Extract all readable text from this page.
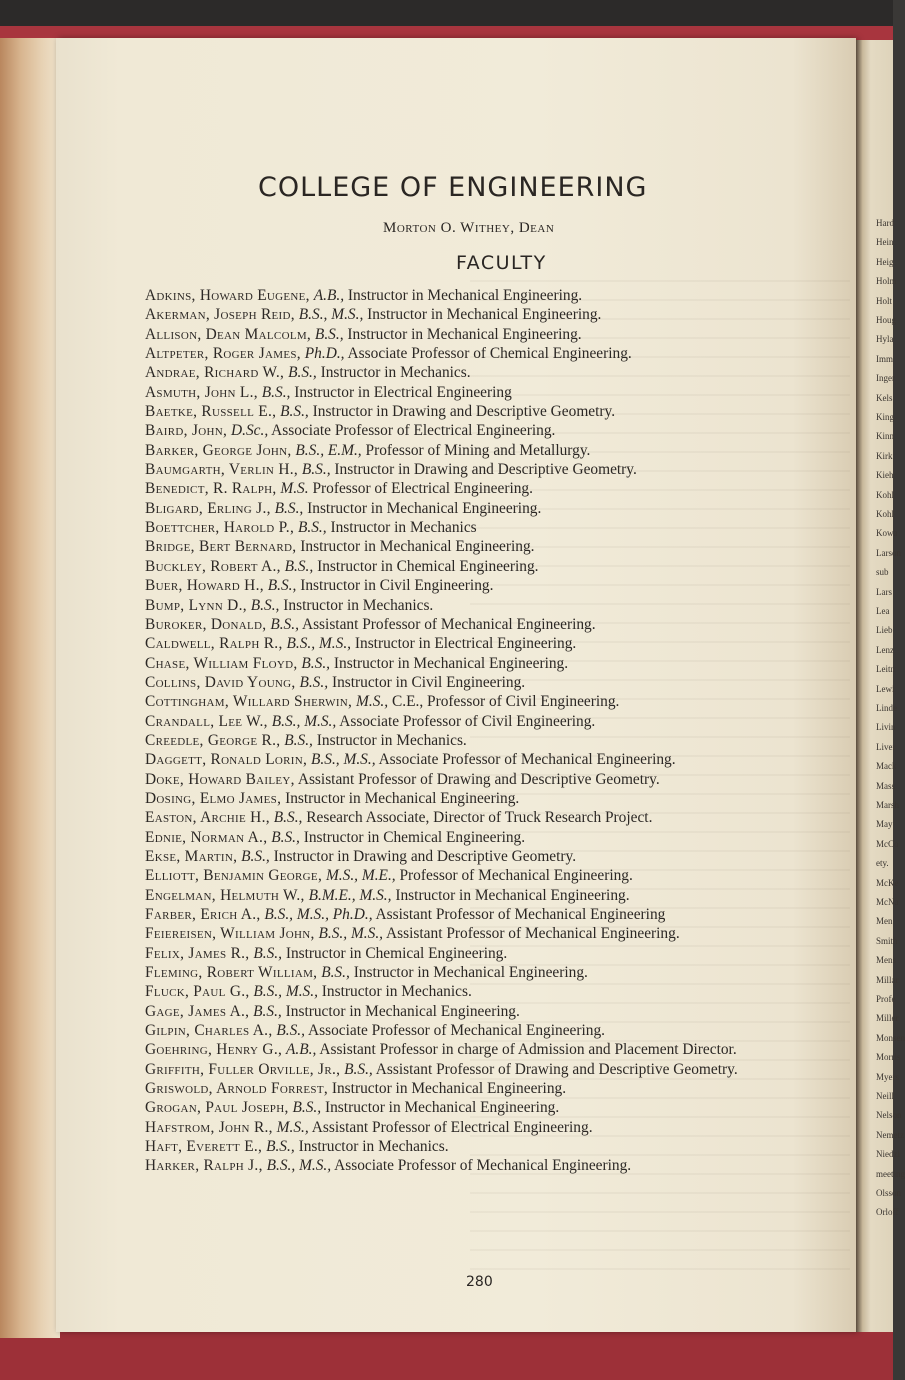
COLLEGE OF ENGINEERING
Morton O. Withey, Dean
FACULTY
Adkins, Howard Eugene, A.B., Instructor in Mechanical Engineering.
Akerman, Joseph Reid, B.S., M.S., Instructor in Mechanical Engineering.
Allison, Dean Malcolm, B.S., Instructor in Mechanical Engineering.
Altpeter, Roger James, Ph.D., Associate Professor of Chemical Engineering.
Andrae, Richard W., B.S., Instructor in Mechanics.
Asmuth, John L., B.S., Instructor in Electrical Engineering
Baetke, Russell E., B.S., Instructor in Drawing and Descriptive Geometry.
Baird, John, D.Sc., Associate Professor of Electrical Engineering.
Barker, George John, B.S., E.M., Professor of Mining and Metallurgy.
Baumgarth, Verlin H., B.S., Instructor in Drawing and Descriptive Geometry.
Benedict, R. Ralph, M.S. Professor of Electrical Engineering.
Bligard, Erling J., B.S., Instructor in Mechanical Engineering.
Boettcher, Harold P., B.S., Instructor in Mechanics
Bridge, Bert Bernard, Instructor in Mechanical Engineering.
Buckley, Robert A., B.S., Instructor in Chemical Engineering.
Buer, Howard H., B.S., Instructor in Civil Engineering.
Bump, Lynn D., B.S., Instructor in Mechanics.
Buroker, Donald, B.S., Assistant Professor of Mechanical Engineering.
Caldwell, Ralph R., B.S., M.S., Instructor in Electrical Engineering.
Chase, William Floyd, B.S., Instructor in Mechanical Engineering.
Collins, David Young, B.S., Instructor in Civil Engineering.
Cottingham, Willard Sherwin, M.S., C.E., Professor of Civil Engineering.
Crandall, Lee W., B.S., M.S., Associate Professor of Civil Engineering.
Creedle, George R., B.S., Instructor in Mechanics.
Daggett, Ronald Lorin, B.S., M.S., Associate Professor of Mechanical Engineering.
Doke, Howard Bailey, Assistant Professor of Drawing and Descriptive Geometry.
Dosing, Elmo James, Instructor in Mechanical Engineering.
Easton, Archie H., B.S., Research Associate, Director of Truck Research Project.
Ednie, Norman A., B.S., Instructor in Chemical Engineering.
Ekse, Martin, B.S., Instructor in Drawing and Descriptive Geometry.
Elliott, Benjamin George, M.S., M.E., Professor of Mechanical Engineering.
Engelman, Helmuth W., B.M.E., M.S., Instructor in Mechanical Engineering.
Farber, Erich A., B.S., M.S., Ph.D., Assistant Professor of Mechanical Engineering
Feiereisen, William John, B.S., M.S., Assistant Professor of Mechanical Engineering.
Felix, James R., B.S., Instructor in Chemical Engineering.
Fleming, Robert William, B.S., Instructor in Mechanical Engineering.
Fluck, Paul G., B.S., M.S., Instructor in Mechanics.
Gage, James A., B.S., Instructor in Mechanical Engineering.
Gilpin, Charles A., B.S., Associate Professor of Mechanical Engineering.
Goehring, Henry G., A.B., Assistant Professor in charge of Admission and Placement Director.
Griffith, Fuller Orville, Jr., B.S., Assistant Professor of Drawing and Descriptive Geometry.
Griswold, Arnold Forrest, Instructor in Mechanical Engineering.
Grogan, Paul Joseph, B.S., Instructor in Mechanical Engineering.
Hafstrom, John R., M.S., Assistant Professor of Electrical Engineering.
Haft, Everett E., B.S., Instructor in Mechanics.
Harker, Ralph J., B.S., M.S., Associate Professor of Mechanical Engineering.
280
Hard
Hein
Heig
Holm
Holt
Houg
Hyla
Imm
Inger
Kels
King
Kinn
Kirk
Kieh
Kohl
Kohl
Kowa
Larson
sub
Lars
Lea
Lieb
Lenz
Leitn
Lewi
Linde
Livin
Liver
Mack
Mass
Marsh
May
McCo
ety.
McKe
McNa
Men
Smith
Mens
Millar
Profe
Miller
Monsen
Morris
Myers
Neill
Nelson
Nemetz
Niedzi
meeting
Olsson
Orloff
